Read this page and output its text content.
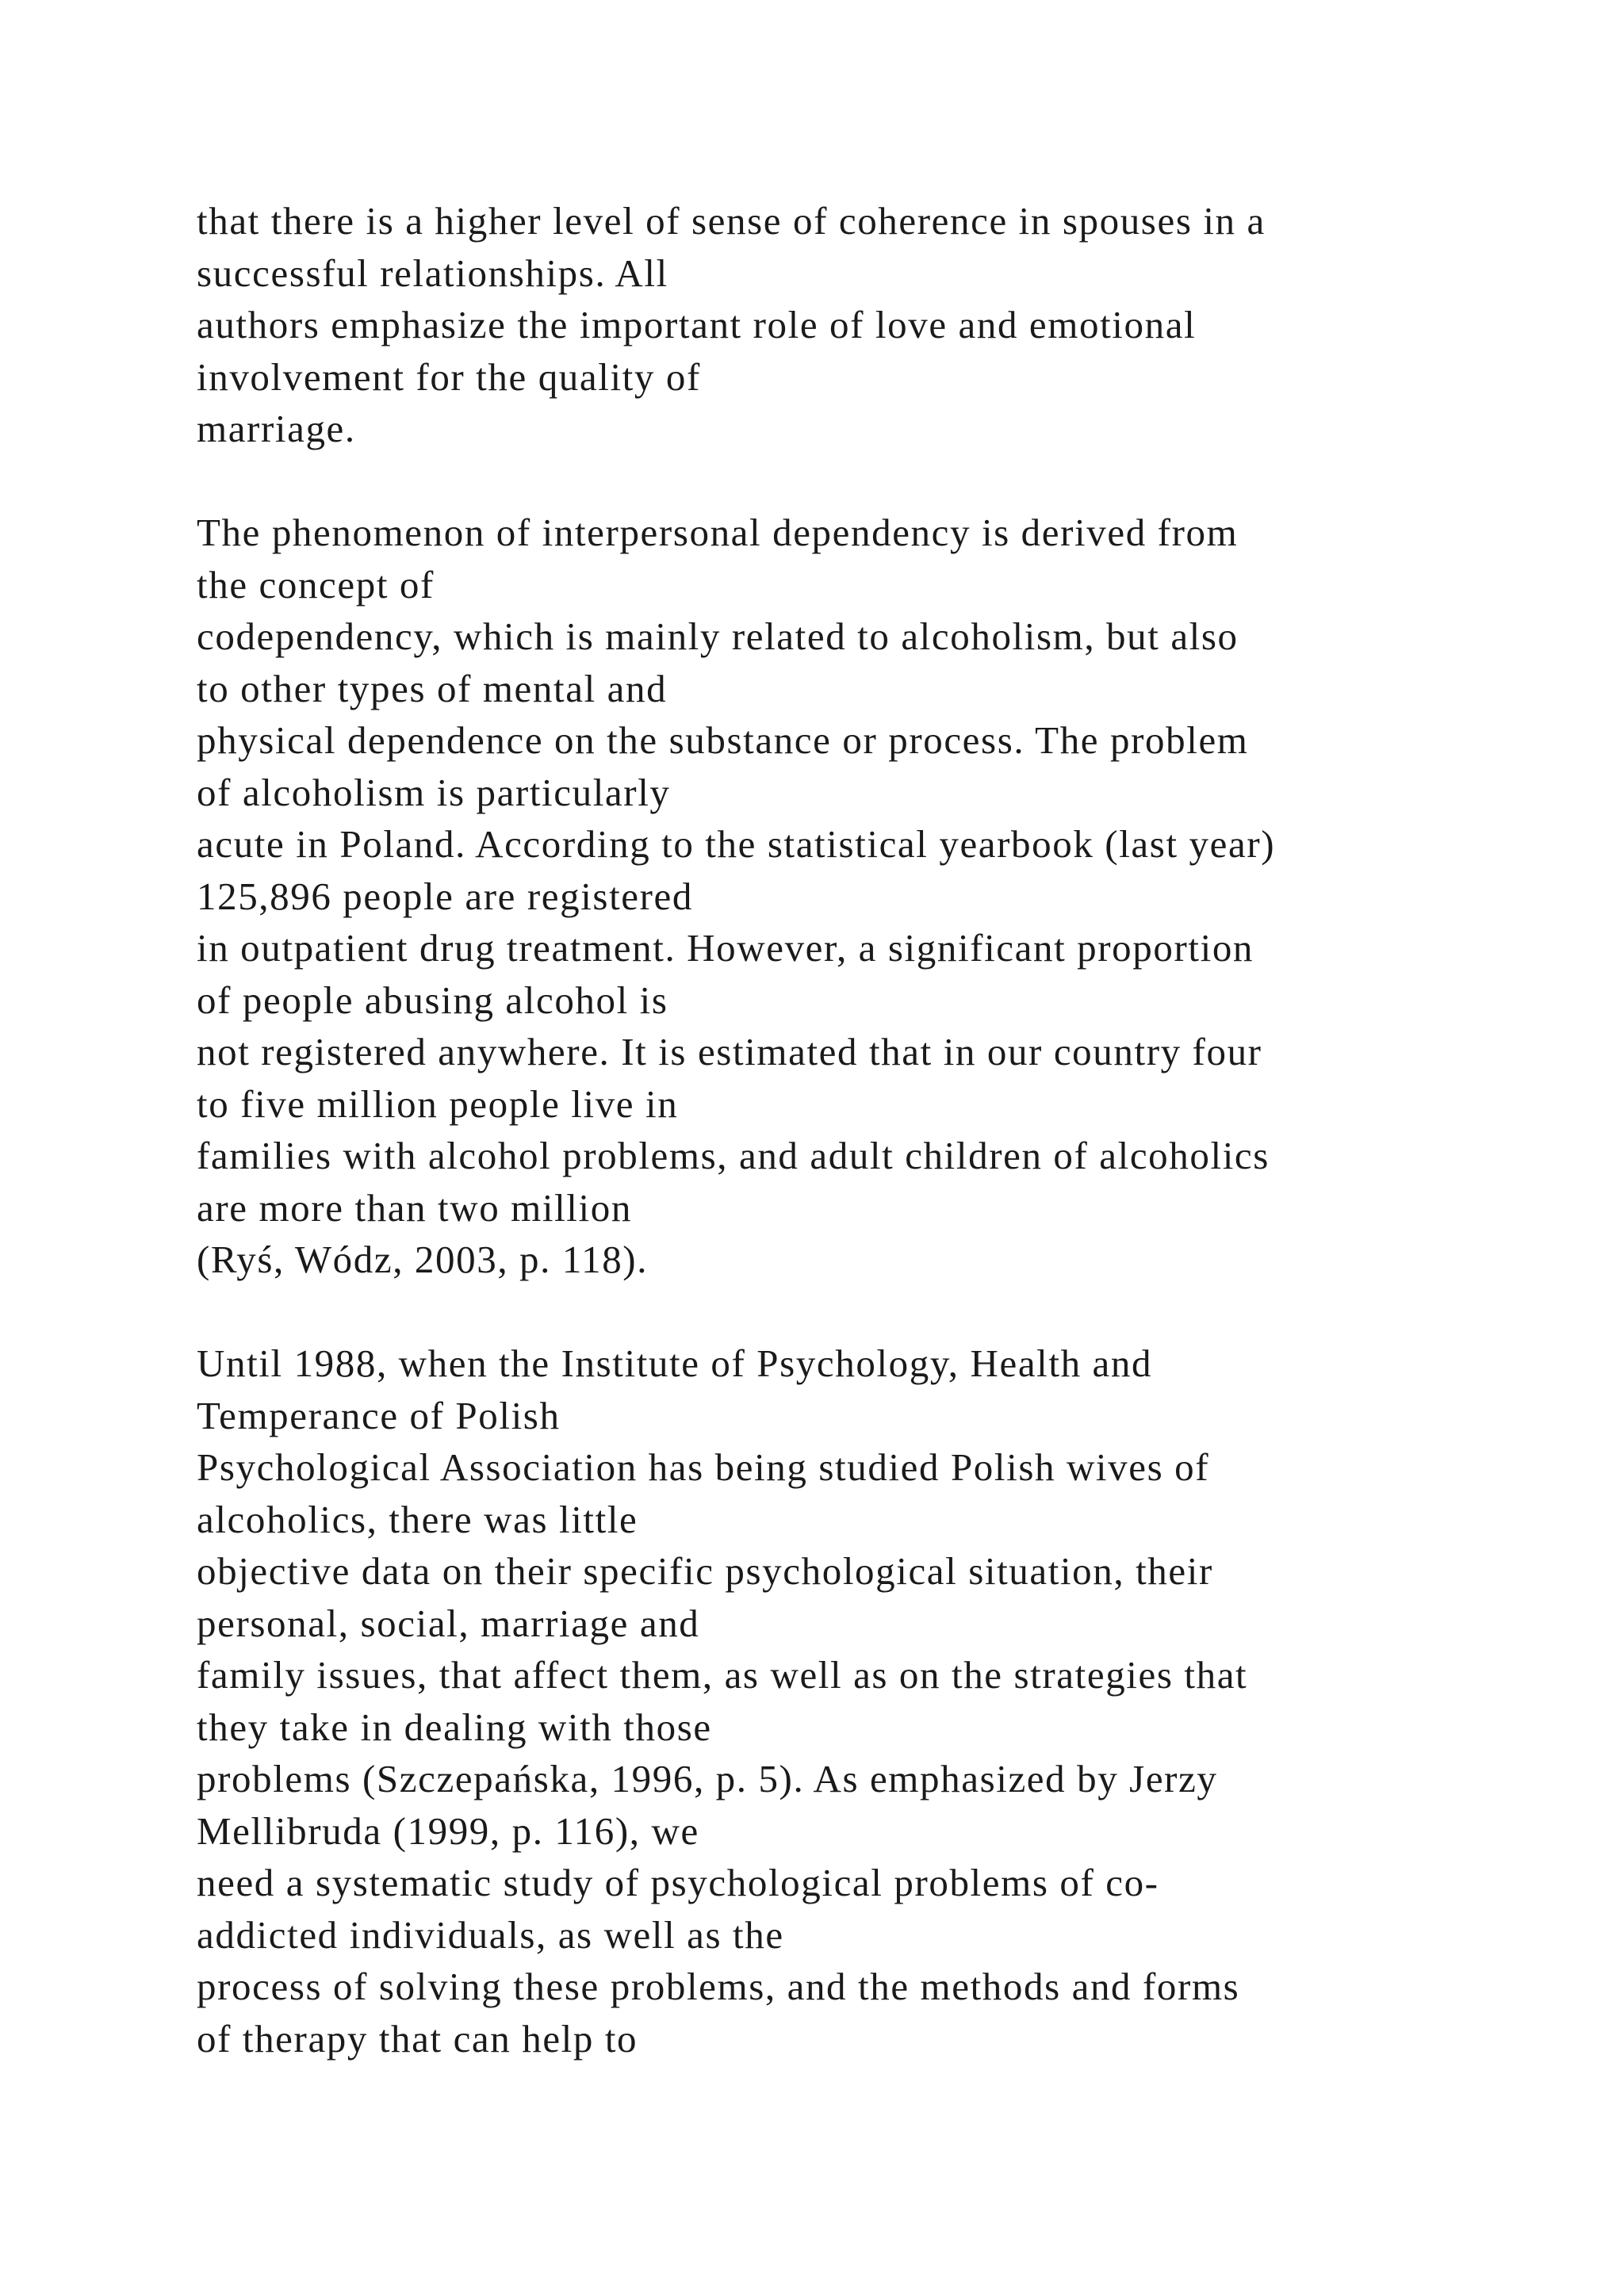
that there is a higher level of sense of coherence in spouses in a
successful relationships. All
authors emphasize the important role of love and emotional
involvement for the quality of
marriage.
The phenomenon of interpersonal dependency is derived from
the concept of
codependency, which is mainly related to alcoholism, but also
to other types of mental and
physical dependence on the substance or process. The problem
of alcoholism is particularly
acute in Poland. According to the statistical yearbook (last year)
125,896 people are registered
in outpatient drug treatment. However, a significant proportion
of people abusing alcohol is
not registered anywhere. It is estimated that in our country four
to five million people live in
families with alcohol problems, and adult children of alcoholics
are more than two million
(Ryś, Wódz, 2003, p. 118).
Until 1988, when the Institute of Psychology, Health and
Temperance of Polish
Psychological Association has being studied Polish wives of
alcoholics, there was little
objective data on their specific psychological situation, their
personal, social, marriage and
family issues, that affect them, as well as on the strategies that
they take in dealing with those
problems (Szczepańska, 1996, p. 5). As emphasized by Jerzy
Mellibruda (1999, p. 116), we
need a systematic study of psychological problems of co-
addicted individuals, as well as the
process of solving these problems, and the methods and forms
of therapy that can help to
